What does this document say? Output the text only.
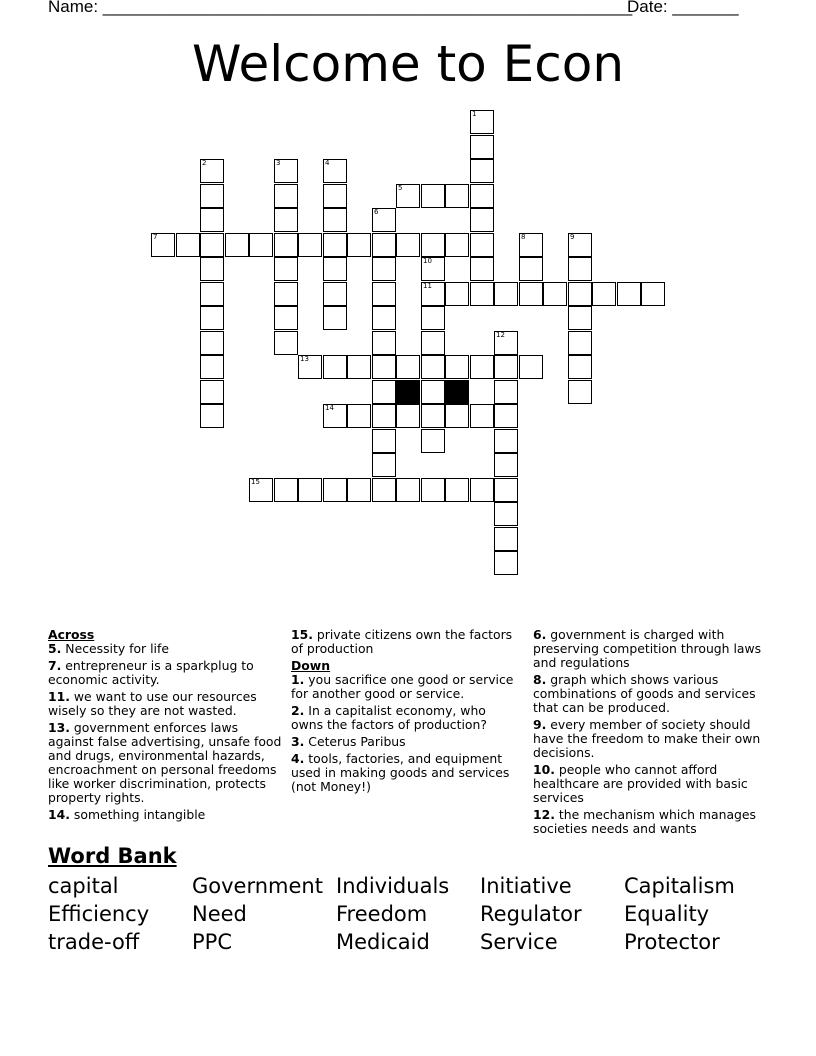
Name: ________________________________________________________
Date: _______
Welcome to Econ
1
2	3	4
5
6
7	8	9
10
11
12
13
14
15
Across
5. Necessity for life
7. entrepreneur is a sparkplug to economic activity.
11. we want to use our resources wisely so they are not wasted.
13. government enforces laws against false advertising, unsafe food and drugs, environmental hazards, encroachment on personal freedoms like worker discrimination, protects property rights.
14. something intangible
15. private citizens own the factors of production
Down
1. you sacrifice one good or service for another good or service.
2. In a capitalist economy, who owns the factors of production?
3. Ceterus Paribus
4. tools, factories, and equipment used in making goods and services (not Money!)
6. government is charged with preserving competition through laws and regulations
8. graph which shows various combinations of goods and services that can be produced.
9. every member of society should have the freedom to make their own decisions.
10. people who cannot afford healthcare are provided with basic services
12. the mechanism which manages societies needs and wants
Word Bank
capital	Government Individuals Initiative Capitalism
Efficiency Need	Freedom	Regulator Equality
trade-off	PPC	Medicaid Service	Protector
